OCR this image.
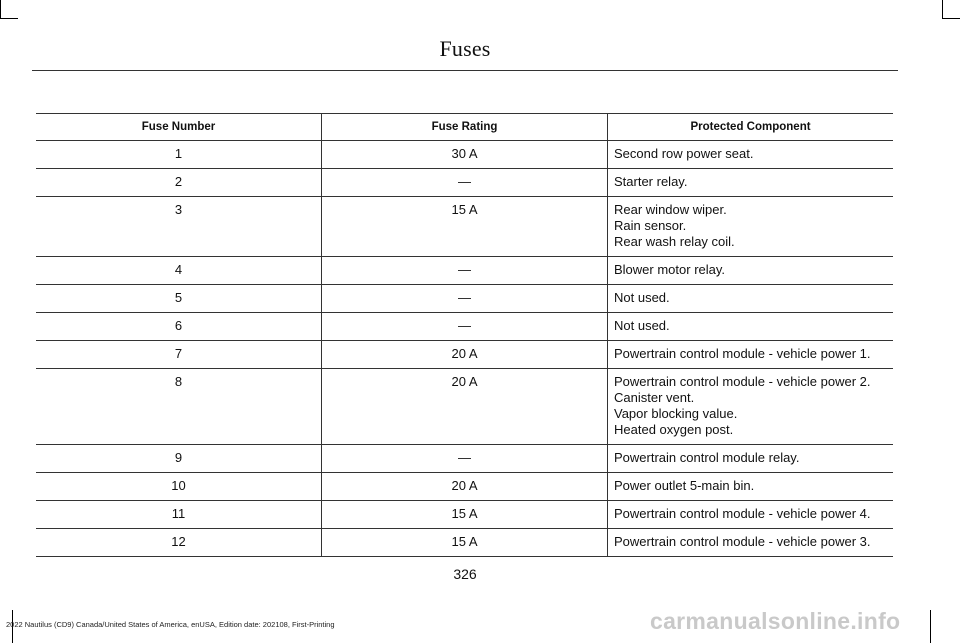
Fuses
Fuse Number	Fuse Rating	Protected Component
1	30 A	Second row power seat.

2	—	Starter relay.

3	15 A	Rear window wiper.
Rain sensor.
Rear wash relay coil.

4	—	Blower motor relay.

5	—	Not used.

6	—	Not used.

7	20 A	Powertrain control module - vehicle power 1.

8	20 A	Powertrain control module - vehicle power 2.
Canister vent.
Vapor blocking value.
Heated oxygen post.

9	—	Powertrain control module relay.

10	20 A	Power outlet 5-main bin.

11	15 A	Powertrain control module - vehicle power 4.

12	15 A	Powertrain control module - vehicle power 3.
326
2022 Nautilus (CD9) Canada/United States of America, enUSA, Edition date: 202108, First-Printing	carmanualsonline.info
